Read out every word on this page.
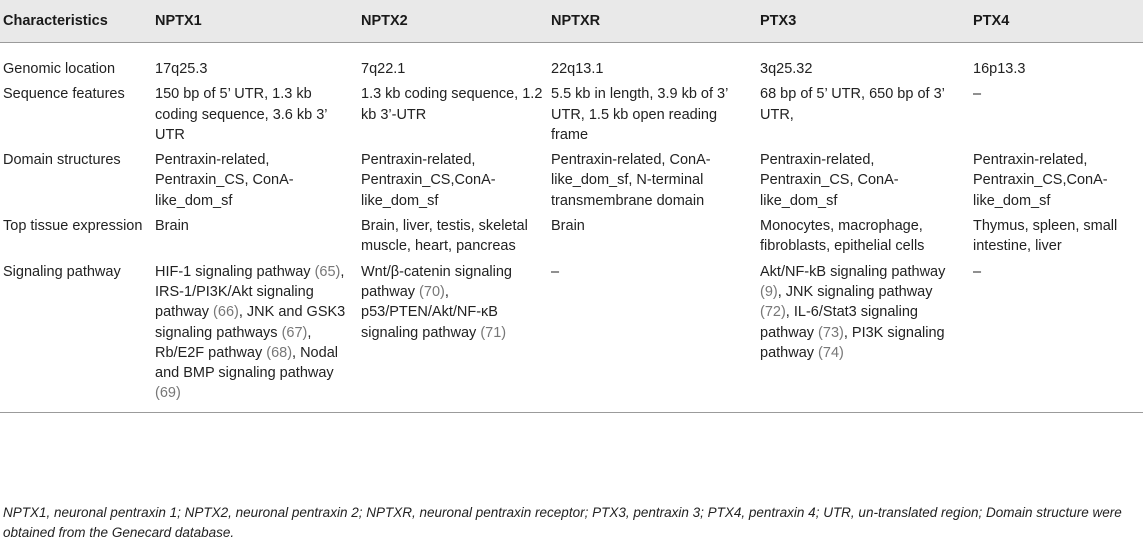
Characteristics	NPTX1	NPTX2	NPTXR	PTX3	PTX4

Genomic location	17q25.3	7q22.1	22q13.1	3q25.32	16p13.3

Sequence features	150 bp of 5’ UTR, 1.3 kb coding sequence, 3.6 kb 3’ UTR	1.3 kb coding sequence, 1.2 kb 3’-UTR	5.5 kb in length, 3.9 kb of 3’ UTR, 1.5 kb open reading frame	68 bp of 5’ UTR, 650 bp of 3’ UTR,	–

Domain structures	Pentraxin-related, Pentraxin_CS, ConA-like_dom_sf	Pentraxin-related, Pentraxin_CS,ConA-like_dom_sf	Pentraxin-related, ConA-like_dom_sf, N-terminal transmembrane domain	Pentraxin-related, Pentraxin_CS, ConA-like_dom_sf	Pentraxin-related, Pentraxin_CS,ConA-like_dom_sf

Top tissue expression	Brain	Brain, liver, testis, skeletal muscle, heart, pancreas	Brain	Monocytes, macrophage, fibroblasts, epithelial cells	Thymus, spleen, small intestine, liver

Signaling pathway	HIF-1 signaling pathway (65), IRS-1/PI3K/Akt signaling pathway (66), JNK and GSK3 signaling pathways (67), Rb/E2F pathway (68), Nodal and BMP signaling pathway (69)	Wnt/β-catenin signaling pathway (70), p53/PTEN/Akt/NF-κB signaling pathway (71)	–	Akt/NF-kB signaling pathway (9), JNK signaling pathway (72), IL-6/Stat3 signaling pathway (73), PI3K signaling pathway (74)	–
NPTX1, neuronal pentraxin 1; NPTX2, neuronal pentraxin 2; NPTXR, neuronal pentraxin receptor; PTX3, pentraxin 3; PTX4, pentraxin 4; UTR, un-translated region; Domain structure were obtained from the Genecard database.
